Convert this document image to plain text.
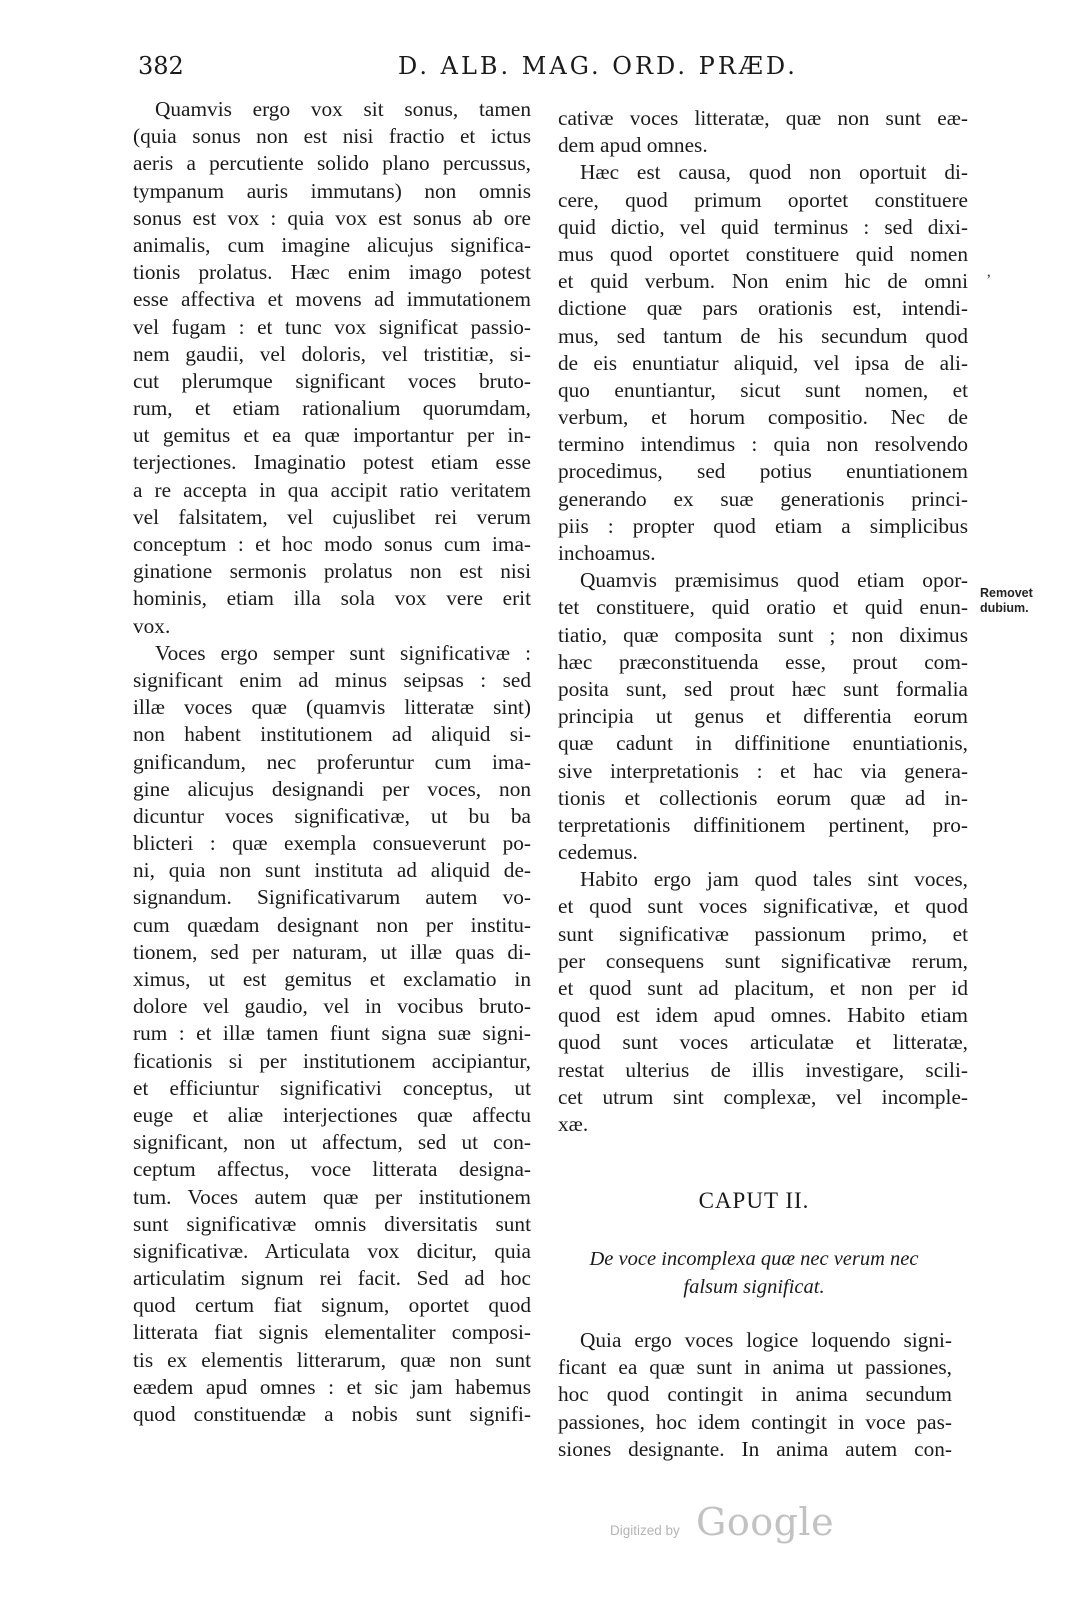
382	D. ALB. MAG. ORD. PRÆD.
Quamvis ergo vox sit sonus, tamen
(quia sonus non est nisi fractio et ictus
aeris a percutiente solido plano percussus,
tympanum auris immutans) non omnis
sonus est vox : quia vox est sonus ab ore
animalis, cum imagine alicujus significa-
tionis prolatus. Hæc enim imago potest
esse affectiva et movens ad immutationem
vel fugam : et tunc vox significat passio-
nem gaudii, vel doloris, vel tristitiæ, si-
cut plerumque significant voces bruto-
rum, et etiam rationalium quorumdam,
ut gemitus et ea quæ importantur per in-
terjectiones. Imaginatio potest etiam esse
a re accepta in qua accipit ratio veritatem
vel falsitatem, vel cujuslibet rei verum
conceptum : et hoc modo sonus cum ima-
ginatione sermonis prolatus non est nisi
hominis, etiam illa sola vox vere erit
vox.
Voces ergo semper sunt significativæ :
significant enim ad minus seipsas : sed
illæ voces quæ (quamvis litteratæ sint)
non habent institutionem ad aliquid si-
gnificandum, nec proferuntur cum ima-
gine alicujus designandi per voces, non
dicuntur voces significativæ, ut bu ba
blicteri : quæ exempla consueverunt po-
ni, quia non sunt instituta ad aliquid de-
signandum. Significativarum autem vo-
cum quædam designant non per institu-
tionem, sed per naturam, ut illæ quas di-
ximus, ut est gemitus et exclamatio in
dolore vel gaudio, vel in vocibus bruto-
rum : et illæ tamen fiunt signa suæ signi-
ficationis si per institutionem accipiantur,
et efficiuntur significativi conceptus, ut
euge et aliæ interjectiones quæ affectu
significant, non ut affectum, sed ut con-
ceptum affectus, voce litterata designa-
tum. Voces autem quæ per institutionem
sunt significativæ omnis diversitatis sunt
significativæ. Articulata vox dicitur, quia
articulatim signum rei facit. Sed ad hoc
quod certum fiat signum, oportet quod
litterata fiat signis elementaliter composi-
tis ex elementis litterarum, quæ non sunt
eædem apud omnes : et sic jam habemus
quod constituendæ a nobis sunt signifi-
cativæ voces litteratæ, quæ non sunt eæ-
dem apud omnes.
Hæc est causa, quod non oportuit di-
cere, quod primum oportet constituere
quid dictio, vel quid terminus : sed dixi-
mus quod oportet constituere quid nomen
et quid verbum. Non enim hic de omni
dictione quæ pars orationis est, intendi-
mus, sed tantum de his secundum quod
de eis enuntiatur aliquid, vel ipsa de ali-
quo enuntiantur, sicut sunt nomen, et
verbum, et horum compositio. Nec de
termino intendimus : quia non resolvendo
procedimus, sed potius enuntiationem
generando ex suæ generationis princi-
piis : propter quod etiam a simplicibus
inchoamus.
Quamvis præmisimus quod etiam opor-
tet constituere, quid oratio et quid enun-
tiatio, quæ composita sunt ; non diximus
hæc præconstituenda esse, prout com-
posita sunt, sed prout hæc sunt formalia
principia ut genus et differentia eorum
quæ cadunt in diffinitione enuntiationis,
sive interpretationis : et hac via genera-
tionis et collectionis eorum quæ ad in-
terpretationis diffinitionem pertinent, pro-
cedemus.
Habito ergo jam quod tales sint voces,
et quod sunt voces significativæ, et quod
sunt significativæ passionum primo, et
per consequens sunt significativæ rerum,
et quod sunt ad placitum, et non per id
quod est idem apud omnes. Habito etiam
quod sunt voces articulatæ et litteratæ,
restat ulterius de illis investigare, scili-
cet utrum sint complexæ, vel incomple-
xæ.
Removet
dubium.
ʼ
CAPUT II.
De voce incomplexa quæ nec verum nec
falsum significat.
Quia ergo voces logice loquendo signi-
ficant ea quæ sunt in anima ut passiones,
hoc quod contingit in anima secundum
passiones, hoc idem contingit in voce pas-
siones designante. In anima autem con-
Digitized by Google
